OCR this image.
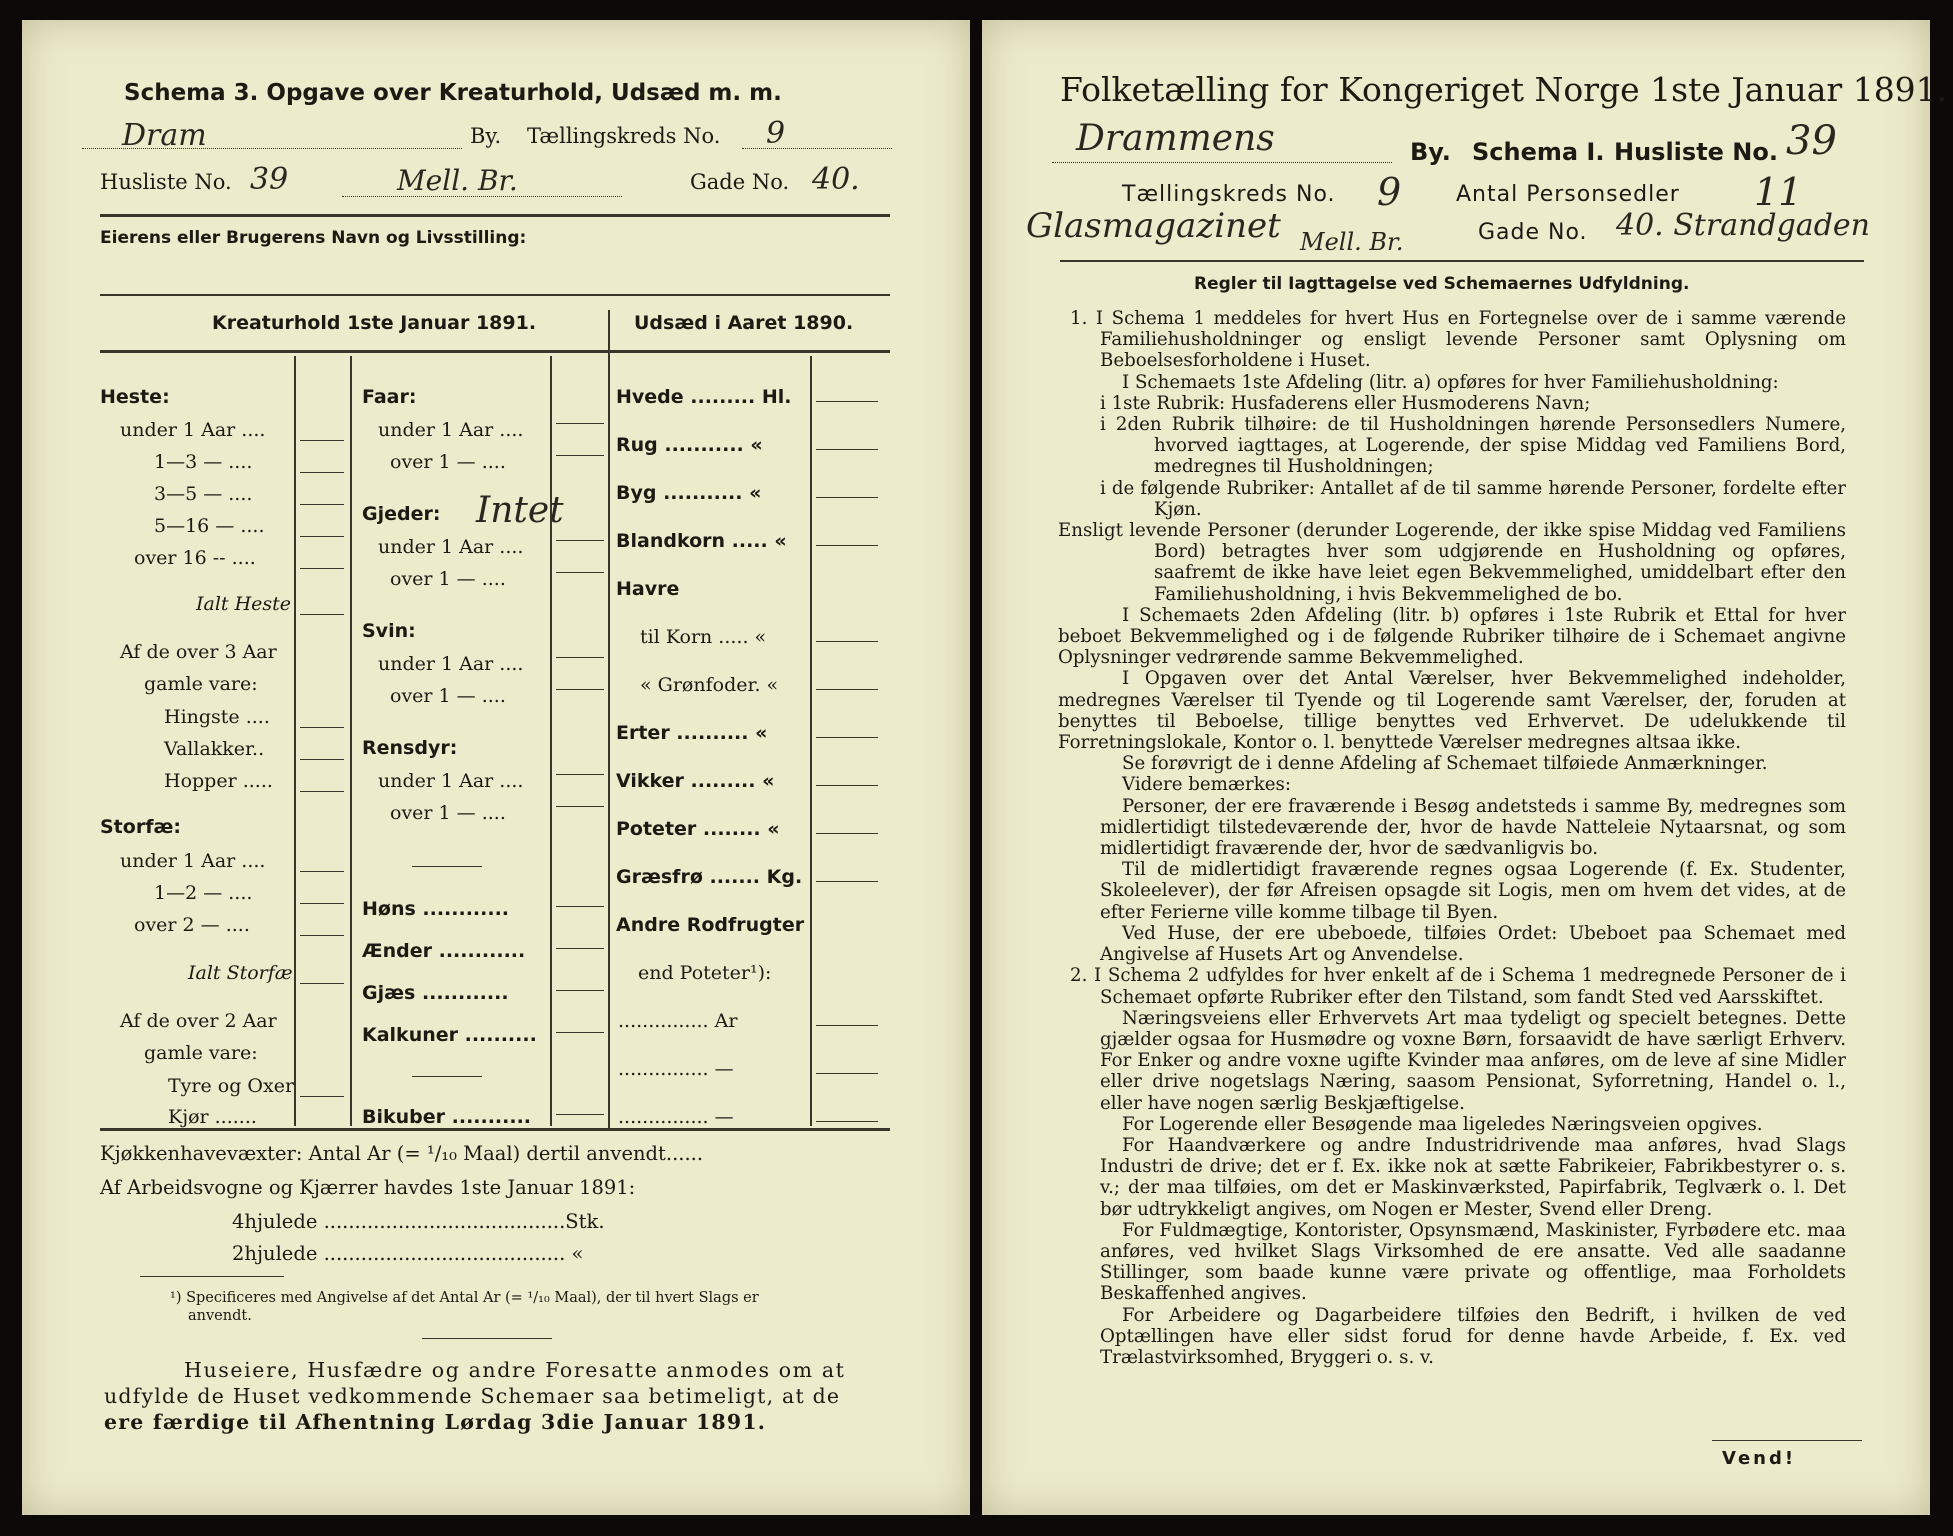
Schema 3. Opgave over Kreaturhold, Udsæd m. m.
Dram	By. Tællingskreds No. 9
Husliste No. 39	Mell. Br.	Gade No. 40.
Eierens eller Brugerens Navn og Livsstilling:
Kreaturhold 1ste Januar 1891.	Udsæd i Aaret 1890.
Heste:
under 1 Aar ....
1—3 — ....
3—5 — ....
5—16 — ....
over 16 -- ....
Ialt Heste
Af de over 3 Aar
gamle vare:
Hingste ....
Vallakker..
Hopper .....
Storfæ:
under 1 Aar ....
1—2 — ....
over 2 — ....
Ialt Storfæ
Af de over 2 Aar
gamle vare:
Tyre og Oxer
Kjør .......
Faar:
under 1 Aar ....
over 1 — ....
Gjeder: Intet
under 1 Aar ....
over 1 — ....
Svin:
under 1 Aar ....
over 1 — ....
Rensdyr:
under 1 Aar ....
over 1 — ....
Høns ............
Ænder ............
Gjæs ............
Kalkuner ..........
Bikuber ...........
Hvede ......... Hl.
Rug ........... «
Byg ........... «
Blandkorn ..... «
Havre
til Korn ..... «
« Grønfoder. «
Erter .......... «
Vikker ......... «
Poteter ........ «
Græsfrø ....... Kg.
Andre Rodfrugter
end Poteter¹):
............... Ar
............... —
............... —
Kjøkkenhavevæxter: Antal Ar (= ¹/₁₀ Maal) dertil anvendt......
Af Arbeidsvogne og Kjærrer havdes 1ste Januar 1891:
4hjulede .......................................Stk.
2hjulede ....................................... «
¹) Specificeres med Angivelse af det Antal Ar (= ¹/₁₀ Maal), der til hvert Slags er
anvendt.
Huseiere, Husfædre og andre Foresatte anmodes om at
udfylde de Huset vedkommende Schemaer saa betimeligt, at de
ere færdige til Afhentning Lørdag 3die Januar 1891.
Folketælling for Kongeriget Norge 1ste Januar 1891.
Drammens	By. Schema I. Husliste No. 39
Tællingskreds No. 9 Antal Personsedler 11
Glasmagazinet Mell. Br.	Gade No. 40. Strandgaden
Regler til Iagttagelse ved Schemaernes Udfyldning.

1. I Schema 1 meddeles for hvert Hus en Fortegnelse over de i samme værende Familiehusholdninger og ensligt levende Personer samt Oplysning om Beboelsesforholdene i Huset.

I Schemaets 1ste Afdeling (litr. a) opføres for hver Familiehusholdning:

i 1ste Rubrik: Husfaderens eller Husmoderens Navn;

i 2den Rubrik tilhøire: de til Husholdningen hørende Personsedlers Numere, hvorved iagttages, at Logerende, der spise Middag ved Familiens Bord, medregnes til Husholdningen;

i de følgende Rubriker: Antallet af de til samme hørende Personer, fordelte efter Kjøn.

Ensligt levende Personer (derunder Logerende, der ikke spise Middag ved Familiens Bord) betragtes hver som udgjørende en Husholdning og opføres, saafremt de ikke have leiet egen Bekvemmelighed, umiddelbart efter den Familiehusholdning, i hvis Bekvemmelighed de bo.

I Schemaets 2den Afdeling (litr. b) opføres i 1ste Rubrik et Ettal for hver beboet Bekvemmelighed og i de følgende Rubriker tilhøire de i Schemaet angivne Oplysninger vedrørende samme Bekvemmelighed.

I Opgaven over det Antal Værelser, hver Bekvemmelighed indeholder, medregnes Værelser til Tyende og til Logerende samt Værelser, der, foruden at benyttes til Beboelse, tillige benyttes ved Erhvervet. De udelukkende til Forretningslokale, Kontor o. l. benyttede Værelser medregnes altsaa ikke.

Se forøvrigt de i denne Afdeling af Schemaet tilføiede Anmærkninger.

Videre bemærkes:

Personer, der ere fraværende i Besøg andetsteds i samme By, medregnes som midlertidigt tilstedeværende der, hvor de havde Natteleie Nytaarsnat, og som midlertidigt fraværende der, hvor de sædvanligvis bo.

Til de midlertidigt fraværende regnes ogsaa Logerende (f. Ex. Studenter, Skoleelever), der før Afreisen opsagde sit Logis, men om hvem det vides, at de efter Ferierne ville komme tilbage til Byen.

Ved Huse, der ere ubeboede, tilføies Ordet: Ubeboet paa Schemaet med Angivelse af Husets Art og Anvendelse.

2. I Schema 2 udfyldes for hver enkelt af de i Schema 1 medregnede Personer de i Schemaet opførte Rubriker efter den Tilstand, som fandt Sted ved Aarsskiftet.

Næringsveiens eller Erhvervets Art maa tydeligt og specielt betegnes. Dette gjælder ogsaa for Husmødre og voxne Børn, forsaavidt de have særligt Erhverv. For Enker og andre voxne ugifte Kvinder maa anføres, om de leve af sine Midler eller drive nogetslags Næring, saasom Pensionat, Syforretning, Handel o. l., eller have nogen særlig Beskjæftigelse.

For Logerende eller Besøgende maa ligeledes Næringsveien opgives.

For Haandværkere og andre Industridrivende maa anføres, hvad Slags Industri de drive; det er f. Ex. ikke nok at sætte Fabrikeier, Fabrikbestyrer o. s. v.; der maa tilføies, om det er Maskinværksted, Papirfabrik, Teglværk o. l. Det bør udtrykkeligt angives, om Nogen er Mester, Svend eller Dreng.

For Fuldmægtige, Kontorister, Opsynsmænd, Maskinister, Fyrbødere etc. maa anføres, ved hvilket Slags Virksomhed de ere ansatte. Ved alle saadanne Stillinger, som baade kunne være private og offentlige, maa Forholdets Beskaffenhed angives.

For Arbeidere og Dagarbeidere tilføies den Bedrift, i hvilken de ved Optællingen have eller sidst forud for denne havde Arbeide, f. Ex. ved Trælastvirksomhed, Bryggeri o. s. v.

Vend!
